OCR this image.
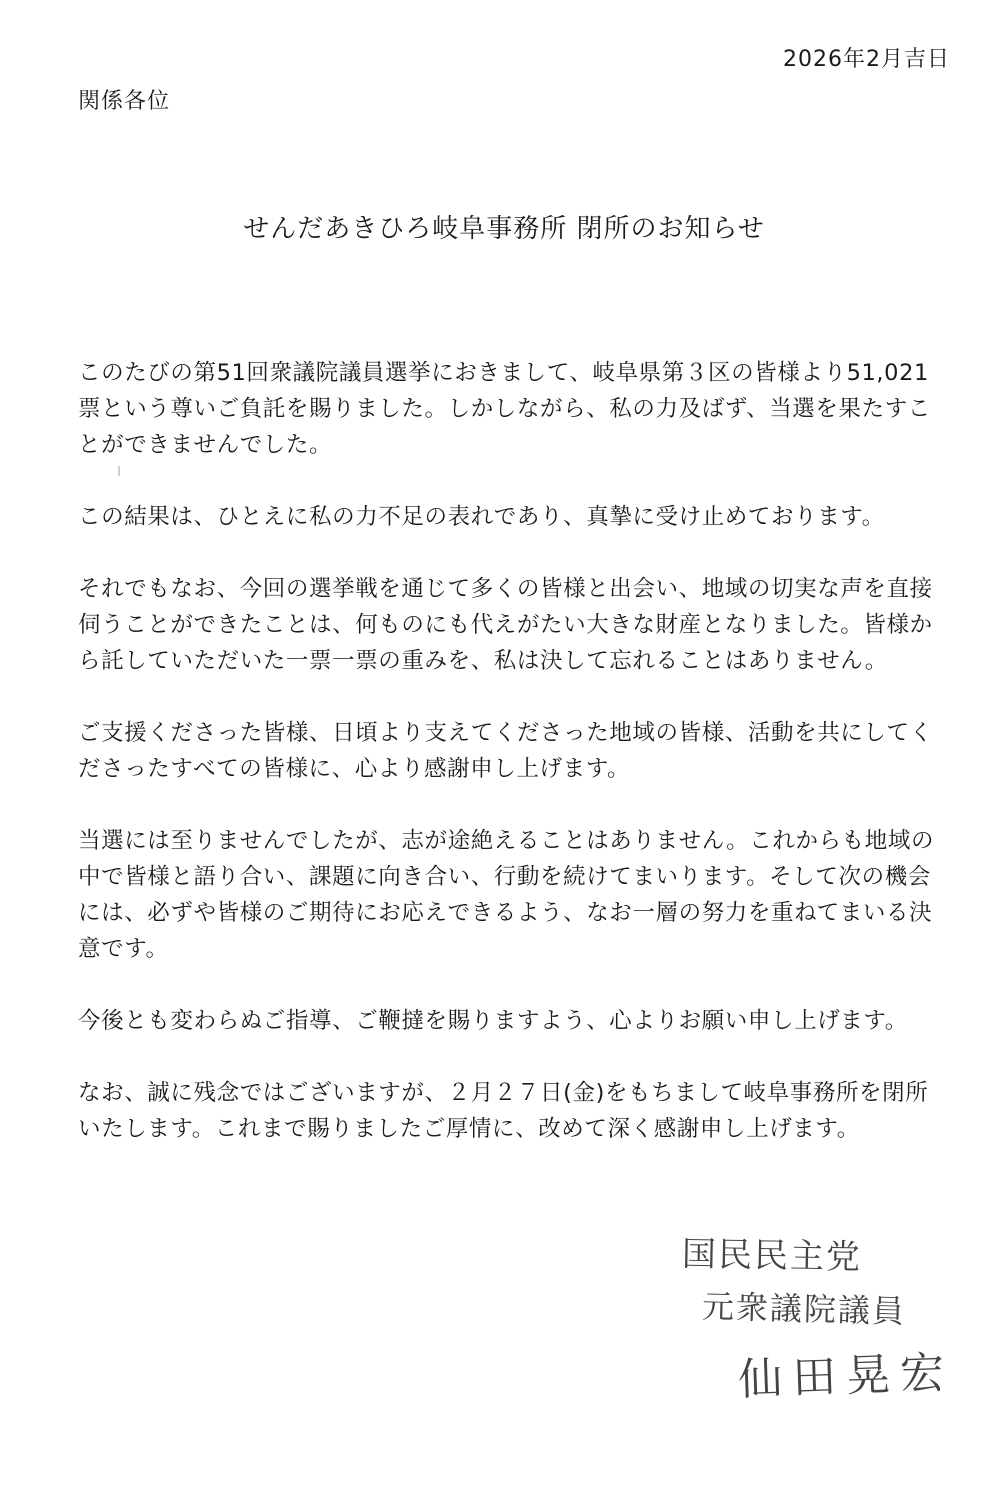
2026年2月吉日
関係各位
せんだあきひろ岐阜事務所 閉所のお知らせ

このたびの第51回衆議院議員選挙におきまして、岐阜県第３区の皆様より51,021票という尊いご負託を賜りました。しかしながら、私の力及ばず、当選を果たすことができませんでした。

この結果は、ひとえに私の力不足の表れであり、真摯に受け止めております。

それでもなお、今回の選挙戦を通じて多くの皆様と出会い、地域の切実な声を直接伺うことができたことは、何ものにも代えがたい大きな財産となりました。皆様から託していただいた一票一票の重みを、私は決して忘れることはありません。

ご支援くださった皆様、日頃より支えてくださった地域の皆様、活動を共にしてくださったすべての皆様に、心より感謝申し上げます。

当選には至りませんでしたが、志が途絶えることはありません。これからも地域の中で皆様と語り合い、課題に向き合い、行動を続けてまいります。そして次の機会には、必ずや皆様のご期待にお応えできるよう、なお一層の努力を重ねてまいる決意です。

今後とも変わらぬご指導、ご鞭撻を賜りますよう、心よりお願い申し上げます。

なお、誠に残念ではございますが、２月２７日(金)をもちまして岐阜事務所を閉所いたします。これまで賜りましたご厚情に、改めて深く感謝申し上げます。

国民民主党
元衆議院議員
仙田晃宏
